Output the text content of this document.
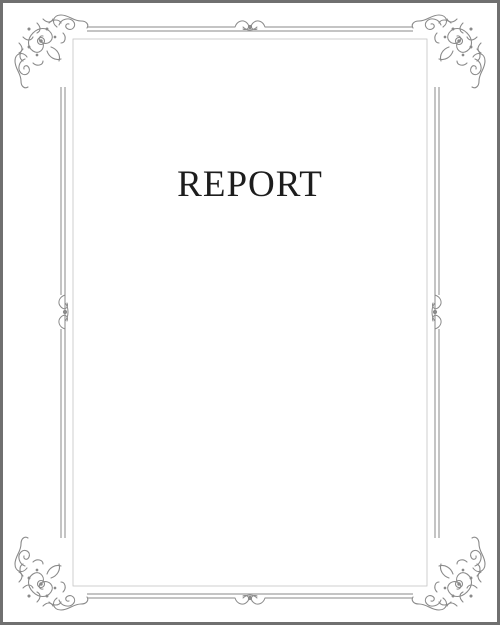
REPORT
